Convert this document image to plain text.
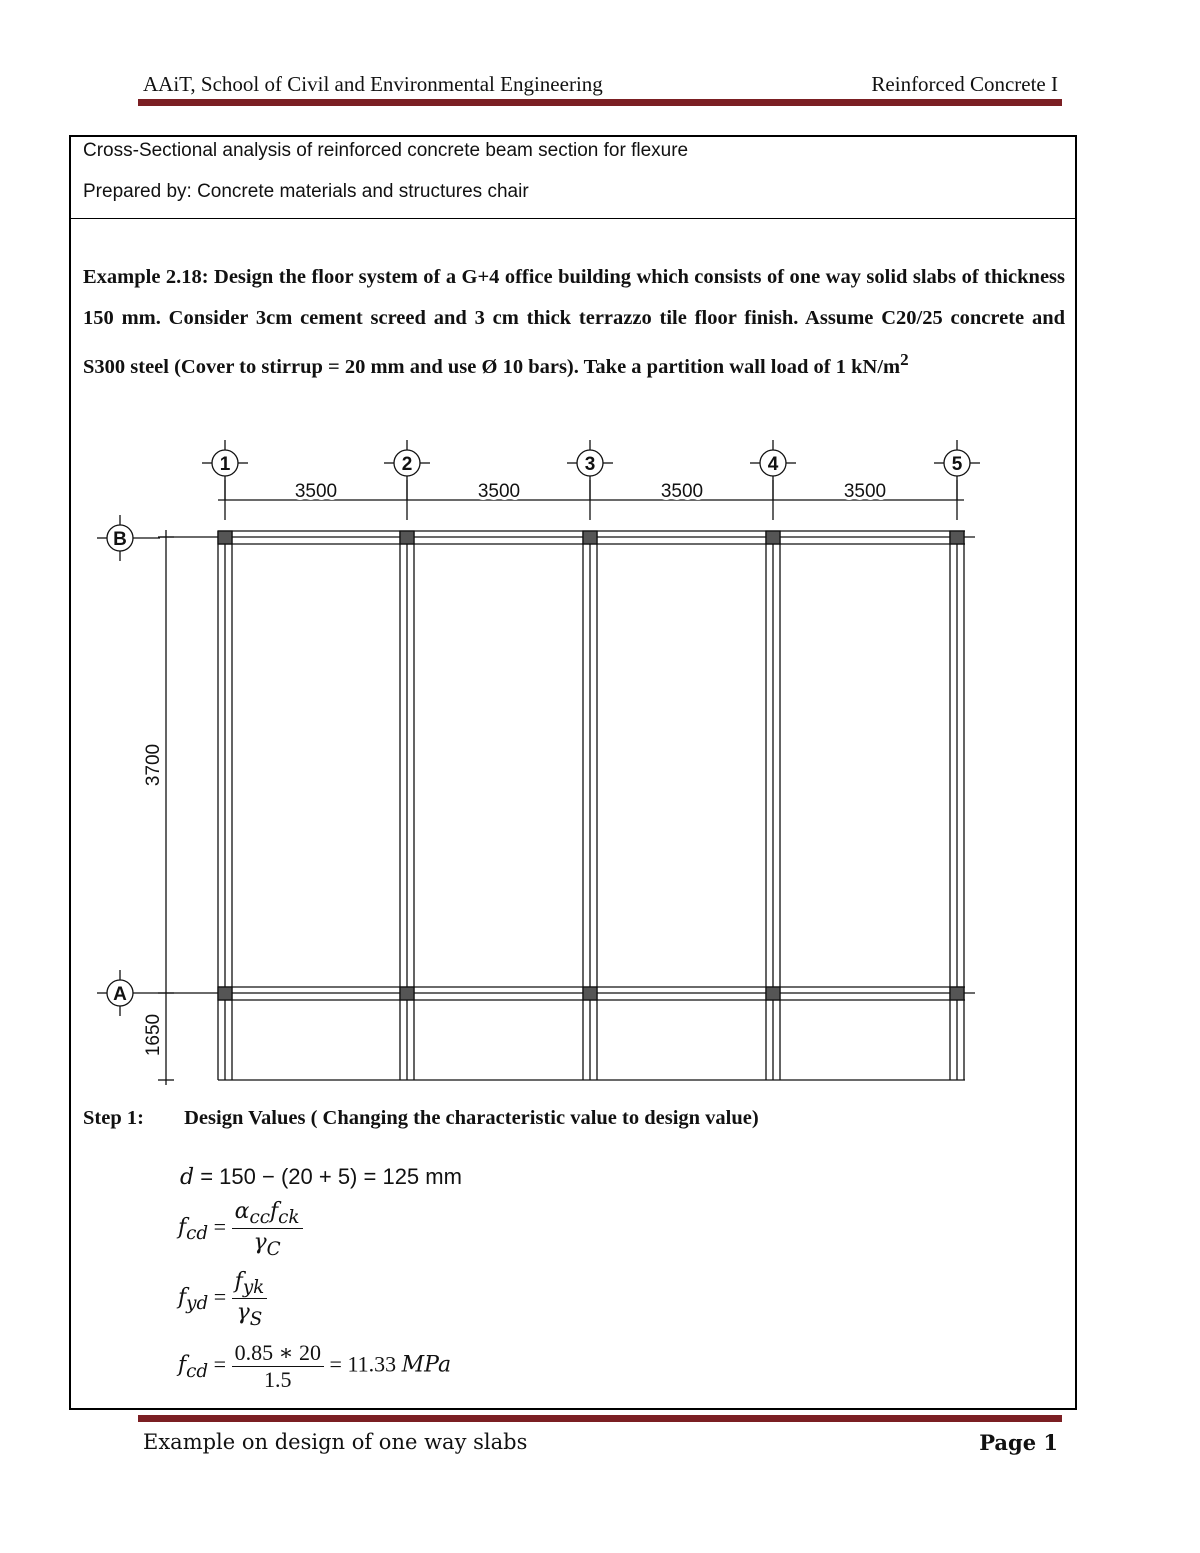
AAiT, School of Civil and Environmental Engineering	Reinforced Concrete I
Cross-Sectional analysis of reinforced concrete beam section for flexure
Prepared by: Concrete materials and structures chair
Example 2.18: Design the floor system of a G+4 office building which consists of one way solid slabs of thickness 150 mm. Consider 3cm cement screed and 3 cm thick terrazzo tile floor finish. Assume C20/25 concrete and S300 steel (Cover to stirrup = 20 mm and use Ø 10 bars). Take a partition wall load of 1 $kN/m^2$
Step 1: Design Values ( Changing the characteristic value to design value)
1	2	3	4	5
B
A
3500	3500	3500	3500
3700
1650
d = 150 − (20 + 5) = 125 mm
$f_{cd} = \frac{\alpha_{cc}f_{ck}}{\gamma_C}$
$f_{yd} = \frac{f_{yk}}{\gamma_S}$
$f_{cd} = \frac{0.85 ∗ 20}{1.5} = 11.33$ MPa
Example on design of one way slabs	Page 1
